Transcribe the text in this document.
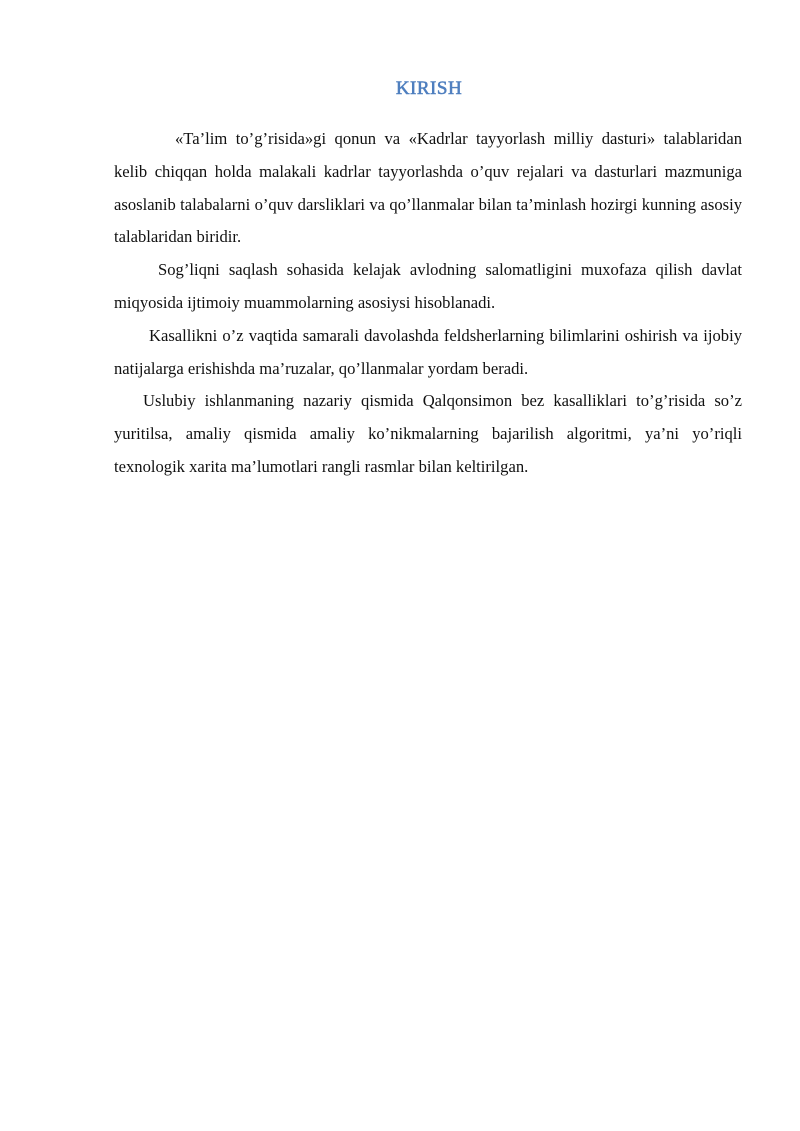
KIRISH

«Ta’lim to’g’risida»gi qonun va «Kadrlar tayyorlash milliy dasturi» talablaridan kelib chiqqan holda malakali kadrlar tayyorlashda o’quv rejalari va dasturlari mazmuniga asoslanib talabalarni o’quv darsliklari va qo’llanmalar bilan ta’minlash hozirgi kunning asosiy talablaridan biridir.

Sog’liqni saqlash sohasida kelajak avlodning salomatligini muxofaza qilish davlat miqyosida ijtimoiy muammolarning asosiysi hisoblanadi.

Kasallikni o’z vaqtida samarali davolashda feldsherlarning bilimlarini oshirish va ijobiy natijalarga erishishda ma’ruzalar, qo’llanmalar yordam beradi.

Uslubiy ishlanmaning nazariy qismida Qalqonsimon bez kasalliklari to’g’risida so’z yuritilsa, amaliy qismida amaliy ko’nikmalarning bajarilish algoritmi, ya’ni yo’riqli texnologik xarita ma’lumotlari rangli rasmlar bilan keltirilgan.
